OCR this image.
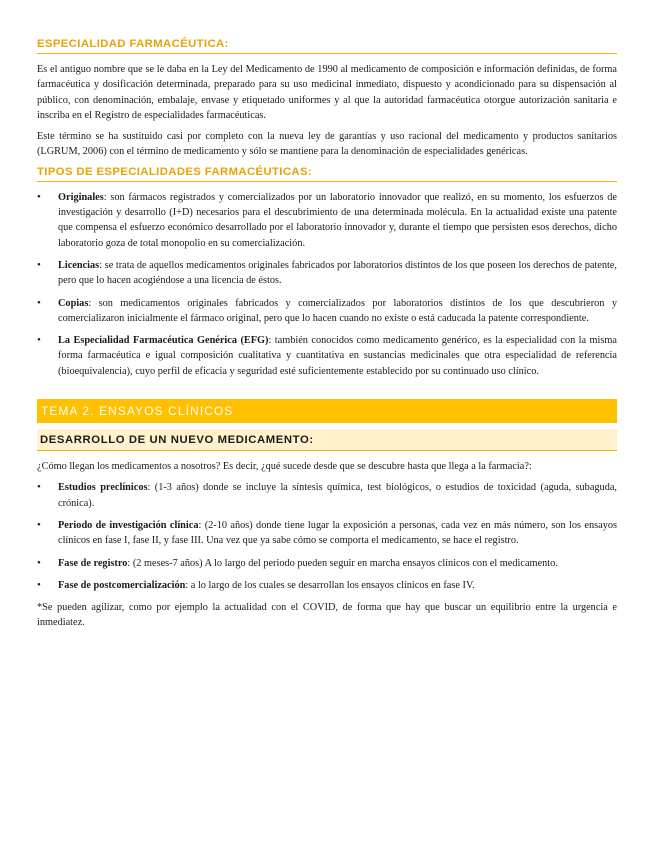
ESPECIALIDAD FARMACÉUTICA:

Es el antiguo nombre que se le daba en la Ley del Medicamento de 1990 al medicamento de composición e información definidas, de forma farmacéutica y dosificación determinada, preparado para su uso medicinal inmediato, dispuesto y acondicionado para su dispensación al público, con denominación, embalaje, envase y etiquetado uniformes y al que la autoridad farmacéutica otorgue autorización sanitaria e inscriba en el Registro de especialidades farmacéuticas.

Este término se ha sustituido casi por completo con la nueva ley de garantías y uso racional del medicamento y productos sanitarios (LGRUM, 2006) con el término de medicamento y sólo se mantiene para la denominación de especialidades genéricas.

TIPOS DE ESPECIALIDADES FARMACÉUTICAS:
• Originales: son fármacos registrados y comercializados por un laboratorio innovador que realizó, en su momento, los esfuerzos de investigación y desarrollo (I+D) necesarios para el descubrimiento de una determinada molécula. En la actualidad existe una patente que compensa el esfuerzo económico desarrollado por el laboratorio innovador y, durante el tiempo que persisten esos derechos, dicho laboratorio goza de total monopolio en su comercialización.
• Licencias: se trata de aquellos medicamentos originales fabricados por laboratorios distintos de los que poseen los derechos de patente, pero que lo hacen acogiéndose a una licencia de éstos.
• Copias: son medicamentos originales fabricados y comercializados por laboratorios distintos de los que descubrieron y comercializaron inicialmente el fármaco original, pero que lo hacen cuando no existe o está caducada la patente correspondiente.
• La Especialidad Farmacéutica Genérica (EFG): también conocidos como medicamento genérico, es la especialidad con la misma forma farmacéutica e igual composición cualitativa y cuantitativa en sustancias medicinales que otra especialidad de referencia (bioequivalencia), cuyo perfil de eficacia y seguridad esté suficientemente establecido por su continuado uso clínico.
TEMA 2. ENSAYOS CLÍNICOS
DESARROLLO DE UN NUEVO MEDICAMENTO:

¿Cómo llegan los medicamentos a nosotros? Es decir, ¿qué sucede desde que se descubre hasta que llega a la farmacia?:

• Estudios preclínicos: (1-3 años) donde se incluye la síntesis química, test biológicos, o estudios de toxicidad (aguda, subaguda, crónica).
• Periodo de investigación clínica: (2-10 años) donde tiene lugar la exposición a personas, cada vez en más número, son los ensayos clínicos en fase I, fase II, y fase III. Una vez que ya sabe cómo se comporta el medicamento, se hace el registro.
• Fase de registro: (2 meses-7 años) A lo largo del periodo pueden seguir en marcha ensayos clínicos con el medicamento.
• Fase de postcomercialización: a lo largo de los cuales se desarrollan los ensayos clínicos en fase IV.

*Se pueden agilizar, como por ejemplo la actualidad con el COVID, de forma que hay que buscar un equilibrio entre la urgencia e inmediatez.
